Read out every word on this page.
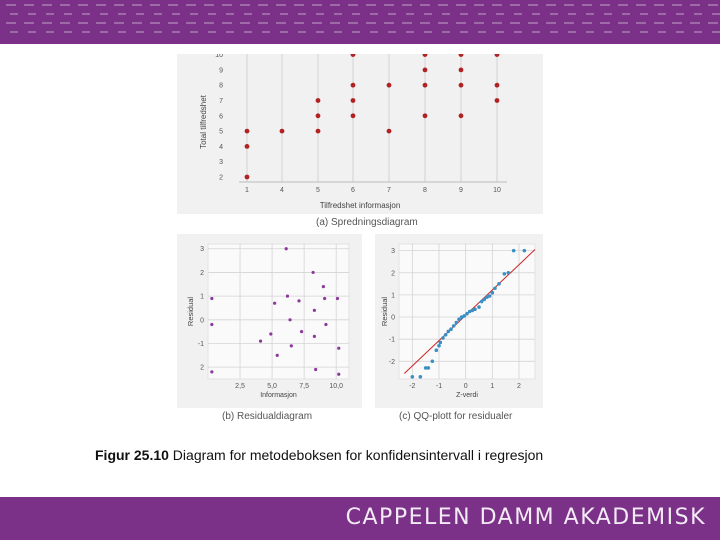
1	4	5	6	7	8	9	10
2
3
4
5
6
7
8
9
10
Tilfredshet informasjon
Total tilfredshet
(a) Spredningsdiagram
3
2
1
0
-1
2
2,5	5,0	7,5	10,0
Informasjon
Residual
(b) Residualdiagram
3
2
1
0
-1
-2
-2	-1	0	1	2
Z-verdi
Residual
(c) QQ-plott for residualer
Figur 25.10 Diagram for metodeboksen for konfidensintervall i regresjon
CAPPELEN DAMM AKADEMISK
